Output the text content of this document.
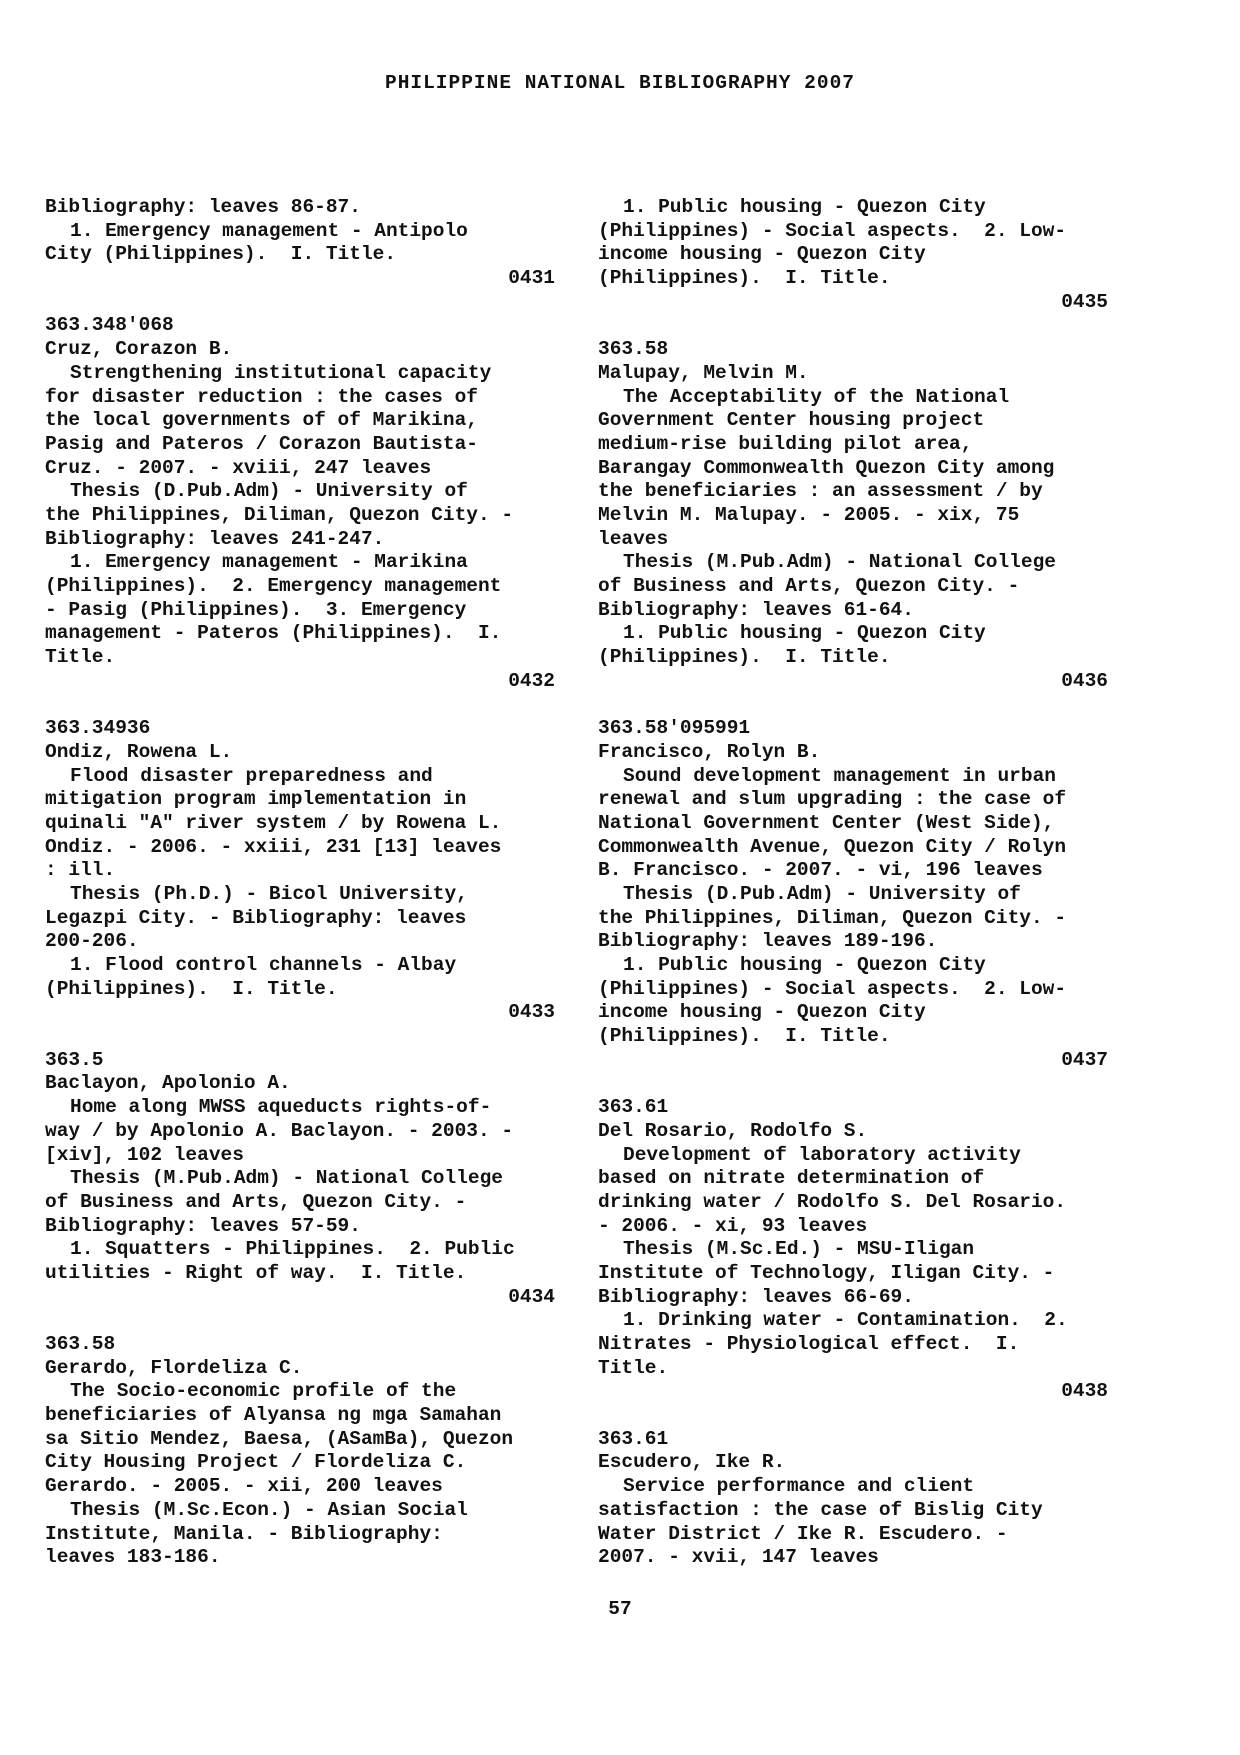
PHILIPPINE NATIONAL BIBLIOGRAPHY 2007
Bibliography: leaves 86-87.
1. Emergency management - Antipolo
City (Philippines).  I. Title.
0431
363.348'068
Cruz, Corazon B.
Strengthening institutional capacity
for disaster reduction : the cases of
the local governments of of Marikina,
Pasig and Pateros / Corazon Bautista-
Cruz. - 2007. - xviii, 247 leaves
Thesis (D.Pub.Adm) - University of
the Philippines, Diliman, Quezon City. -
Bibliography: leaves 241-247.
1. Emergency management - Marikina
(Philippines).  2. Emergency management
- Pasig (Philippines).  3. Emergency
management - Pateros (Philippines).  I.
Title.
0432
363.34936
Ondiz, Rowena L.
Flood disaster preparedness and
mitigation program implementation in
quinali "A" river system / by Rowena L.
Ondiz. - 2006. - xxiii, 231 [13] leaves
: ill.
Thesis (Ph.D.) - Bicol University,
Legazpi City. - Bibliography: leaves
200-206.
1. Flood control channels - Albay
(Philippines).  I. Title.
0433
363.5
Baclayon, Apolonio A.
Home along MWSS aqueducts rights-of-
way / by Apolonio A. Baclayon. - 2003. -
[xiv], 102 leaves
Thesis (M.Pub.Adm) - National College
of Business and Arts, Quezon City. -
Bibliography: leaves 57-59.
1. Squatters - Philippines.  2. Public
utilities - Right of way.  I. Title.
0434
363.58
Gerardo, Flordeliza C.
The Socio-economic profile of the
beneficiaries of Alyansa ng mga Samahan
sa Sitio Mendez, Baesa, (ASamBa), Quezon
City Housing Project / Flordeliza C.
Gerardo. - 2005. - xii, 200 leaves
Thesis (M.Sc.Econ.) - Asian Social
Institute, Manila. - Bibliography:
leaves 183-186.
1. Public housing - Quezon City
(Philippines) - Social aspects.  2. Low-
income housing - Quezon City
(Philippines).  I. Title.
0435
363.58
Malupay, Melvin M.
The Acceptability of the National
Government Center housing project
medium-rise building pilot area,
Barangay Commonwealth Quezon City among
the beneficiaries : an assessment / by
Melvin M. Malupay. - 2005. - xix, 75
leaves
Thesis (M.Pub.Adm) - National College
of Business and Arts, Quezon City. -
Bibliography: leaves 61-64.
1. Public housing - Quezon City
(Philippines).  I. Title.
0436
363.58'095991
Francisco, Rolyn B.
Sound development management in urban
renewal and slum upgrading : the case of
National Government Center (West Side),
Commonwealth Avenue, Quezon City / Rolyn
B. Francisco. - 2007. - vi, 196 leaves
Thesis (D.Pub.Adm) - University of
the Philippines, Diliman, Quezon City. -
Bibliography: leaves 189-196.
1. Public housing - Quezon City
(Philippines) - Social aspects.  2. Low-
income housing - Quezon City
(Philippines).  I. Title.
0437
363.61
Del Rosario, Rodolfo S.
Development of laboratory activity
based on nitrate determination of
drinking water / Rodolfo S. Del Rosario.
- 2006. - xi, 93 leaves
Thesis (M.Sc.Ed.) - MSU-Iligan
Institute of Technology, Iligan City. -
Bibliography: leaves 66-69.
1. Drinking water - Contamination.  2.
Nitrates - Physiological effect.  I.
Title.
0438
363.61
Escudero, Ike R.
Service performance and client
satisfaction : the case of Bislig City
Water District / Ike R. Escudero. -
2007. - xvii, 147 leaves
57
